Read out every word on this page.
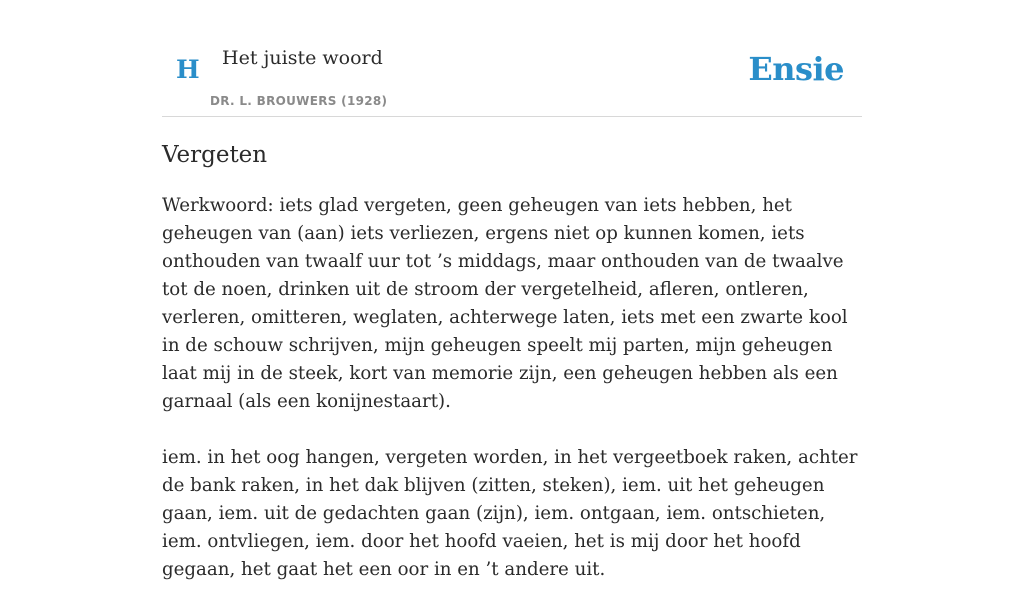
H Het juiste woord
DR. L. BROUWERS (1928)
Ensie
Vergeten

Werkwoord: iets glad vergeten, geen geheugen van iets hebben, het geheugen van (aan) iets verliezen, ergens niet op kunnen komen, iets onthouden van twaalf uur tot ’s middags, maar onthouden van de twaalve tot de noen, drinken uit de stroom der vergetelheid, afleren, ontleren, verleren, omitteren, weglaten, achterwege laten, iets met een zwarte kool in de schouw schrijven, mijn geheugen speelt mij parten, mijn geheugen laat mij in de steek, kort van memorie zijn, een geheugen hebben als een garnaal (als een konijnestaart).

iem. in het oog hangen, vergeten worden, in het vergeetboek raken, achter de bank raken, in het dak blijven (zitten, steken), iem. uit het geheugen gaan, iem. uit de gedachten gaan (zijn), iem. ontgaan, iem. ontschieten, iem. ontvliegen, iem. door het hoofd vaeien, het is mij door het hoofd gegaan, het gaat het een oor in en ’t andere uit.
